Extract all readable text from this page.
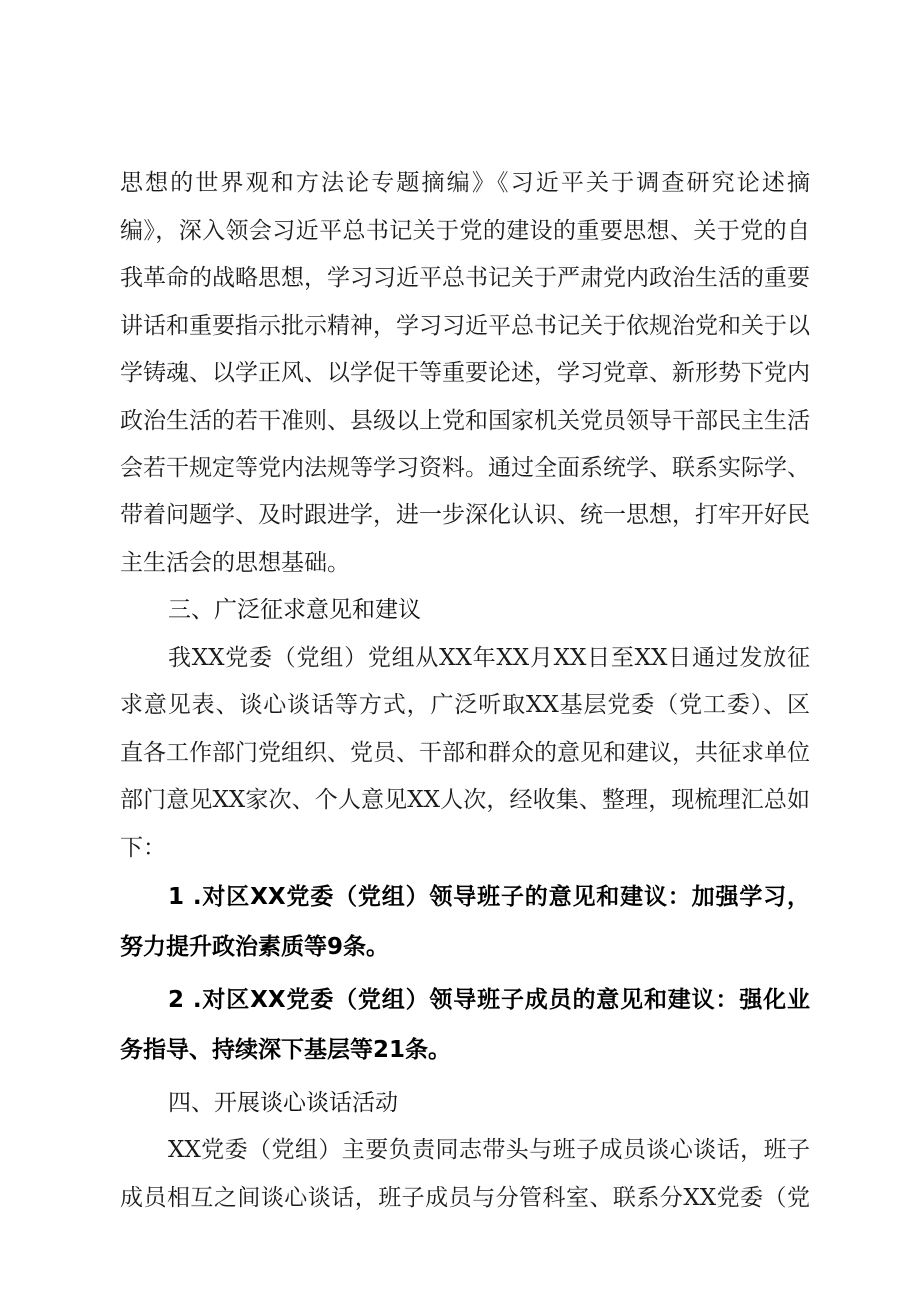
思想的世界观和方法论专题摘编》《习近平关于调查研究论述摘
编》，深入领会习近平总书记关于党的建设的重要思想、关于党的自
我革命的战略思想，学习习近平总书记关于严肃党内政治生活的重要
讲话和重要指示批示精神，学习习近平总书记关于依规治党和关于以
学铸魂、以学正风、以学促干等重要论述，学习党章、新形势下党内
政治生活的若干准则、县级以上党和国家机关党员领导干部民主生活
会若干规定等党内法规等学习资料。通过全面系统学、联系实际学、
带着问题学、及时跟进学，进一步深化认识、统一思想，打牢开好民
主生活会的思想基础。
三、广泛征求意见和建议
我XX党委（党组）党组从XX年XX月XX日至XX日通过发放征
求意见表、谈心谈话等方式，广泛听取XX基层党委（党工委）、区
直各工作部门党组织、党员、干部和群众的意见和建议，共征求单位
部门意见XX家次、个人意见XX人次，经收集、整理，现梳理汇总如
下：
1 .对区XX党委（党组）领导班子的意见和建议：加强学习，
努力提升政治素质等9条。
2 .对区XX党委（党组）领导班子成员的意见和建议：强化业
务指导、持续深下基层等21条。
四、开展谈心谈话活动
XX党委（党组）主要负责同志带头与班子成员谈心谈话，班子
成员相互之间谈心谈话，班子成员与分管科室、联系分XX党委（党
